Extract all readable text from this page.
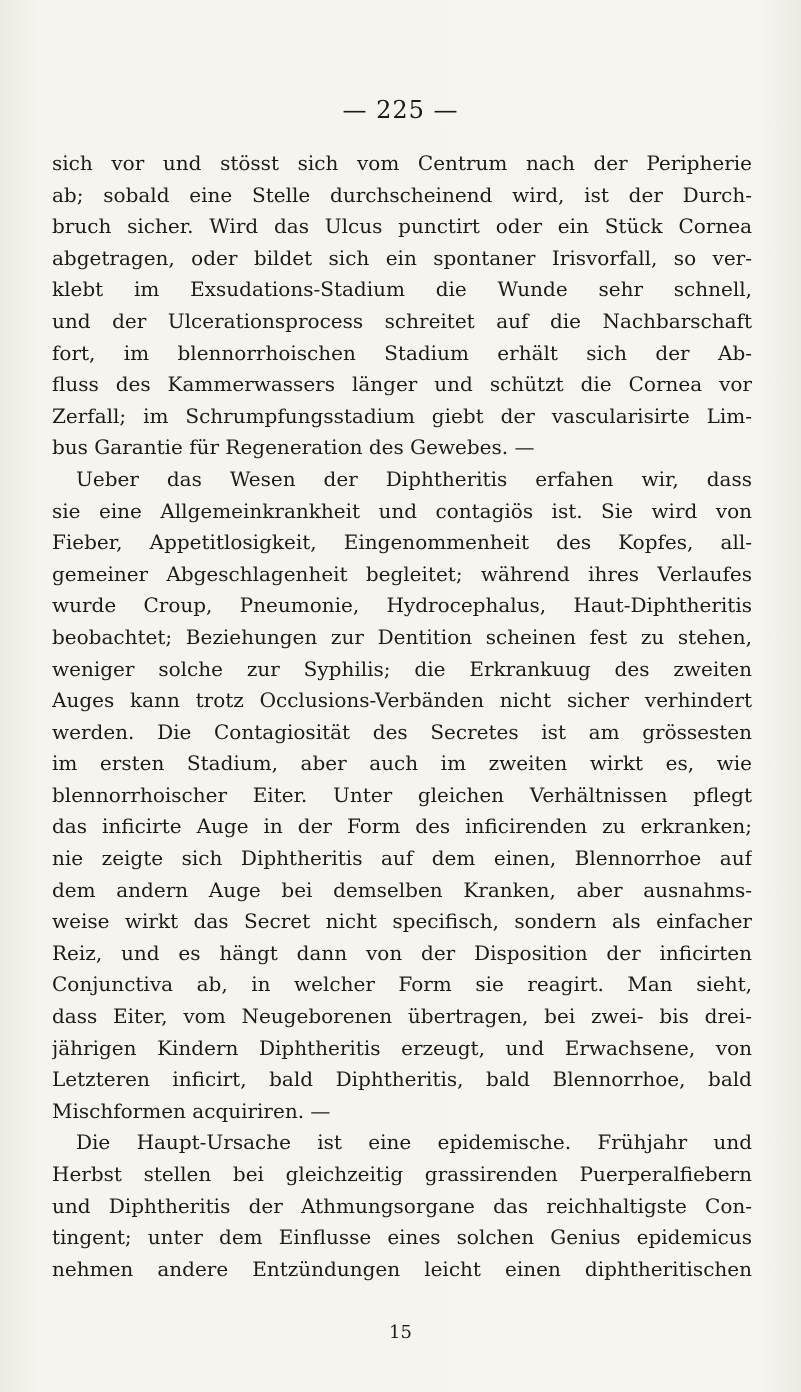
— 225 —
sich vor und stösst sich vom Centrum nach der Peripherie
ab; sobald eine Stelle durchscheinend wird, ist der Durch-
bruch sicher. Wird das Ulcus punctirt oder ein Stück Cornea
abgetragen, oder bildet sich ein spontaner Irisvorfall, so ver-
klebt im Exsudations-Stadium die Wunde sehr schnell,
und der Ulcerationsprocess schreitet auf die Nachbarschaft
fort, im blennorrhoischen Stadium erhält sich der Ab-
fluss des Kammerwassers länger und schützt die Cornea vor
Zerfall; im Schrumpfungsstadium giebt der vascularisirte Lim-
bus Garantie für Regeneration des Gewebes. —
Ueber das Wesen der Diphtheritis erfahen wir, dass
sie eine Allgemeinkrankheit und contagiös ist. Sie wird von
Fieber, Appetitlosigkeit, Eingenommenheit des Kopfes, all-
gemeiner Abgeschlagenheit begleitet; während ihres Verlaufes
wurde Croup, Pneumonie, Hydrocephalus, Haut-Diphtheritis
beobachtet; Beziehungen zur Dentition scheinen fest zu stehen,
weniger solche zur Syphilis; die Erkrankuug des zweiten
Auges kann trotz Occlusions-Verbänden nicht sicher verhindert
werden. Die Contagiosität des Secretes ist am grössesten
im ersten Stadium, aber auch im zweiten wirkt es, wie
blennorrhoischer Eiter. Unter gleichen Verhältnissen pflegt
das inficirte Auge in der Form des inficirenden zu erkranken;
nie zeigte sich Diphtheritis auf dem einen, Blennorrhoe auf
dem andern Auge bei demselben Kranken, aber ausnahms-
weise wirkt das Secret nicht specifisch, sondern als einfacher
Reiz, und es hängt dann von der Disposition der inficirten
Conjunctiva ab, in welcher Form sie reagirt. Man sieht,
dass Eiter, vom Neugeborenen übertragen, bei zwei- bis drei-
jährigen Kindern Diphtheritis erzeugt, und Erwachsene, von
Letzteren inficirt, bald Diphtheritis, bald Blennorrhoe, bald
Mischformen acquiriren. —
Die Haupt-Ursache ist eine epidemische. Frühjahr und
Herbst stellen bei gleichzeitig grassirenden Puerperalfiebern
und Diphtheritis der Athmungsorgane das reichhaltigste Con-
tingent; unter dem Einflusse eines solchen Genius epidemicus
nehmen andere Entzündungen leicht einen diphtheritischen
15
